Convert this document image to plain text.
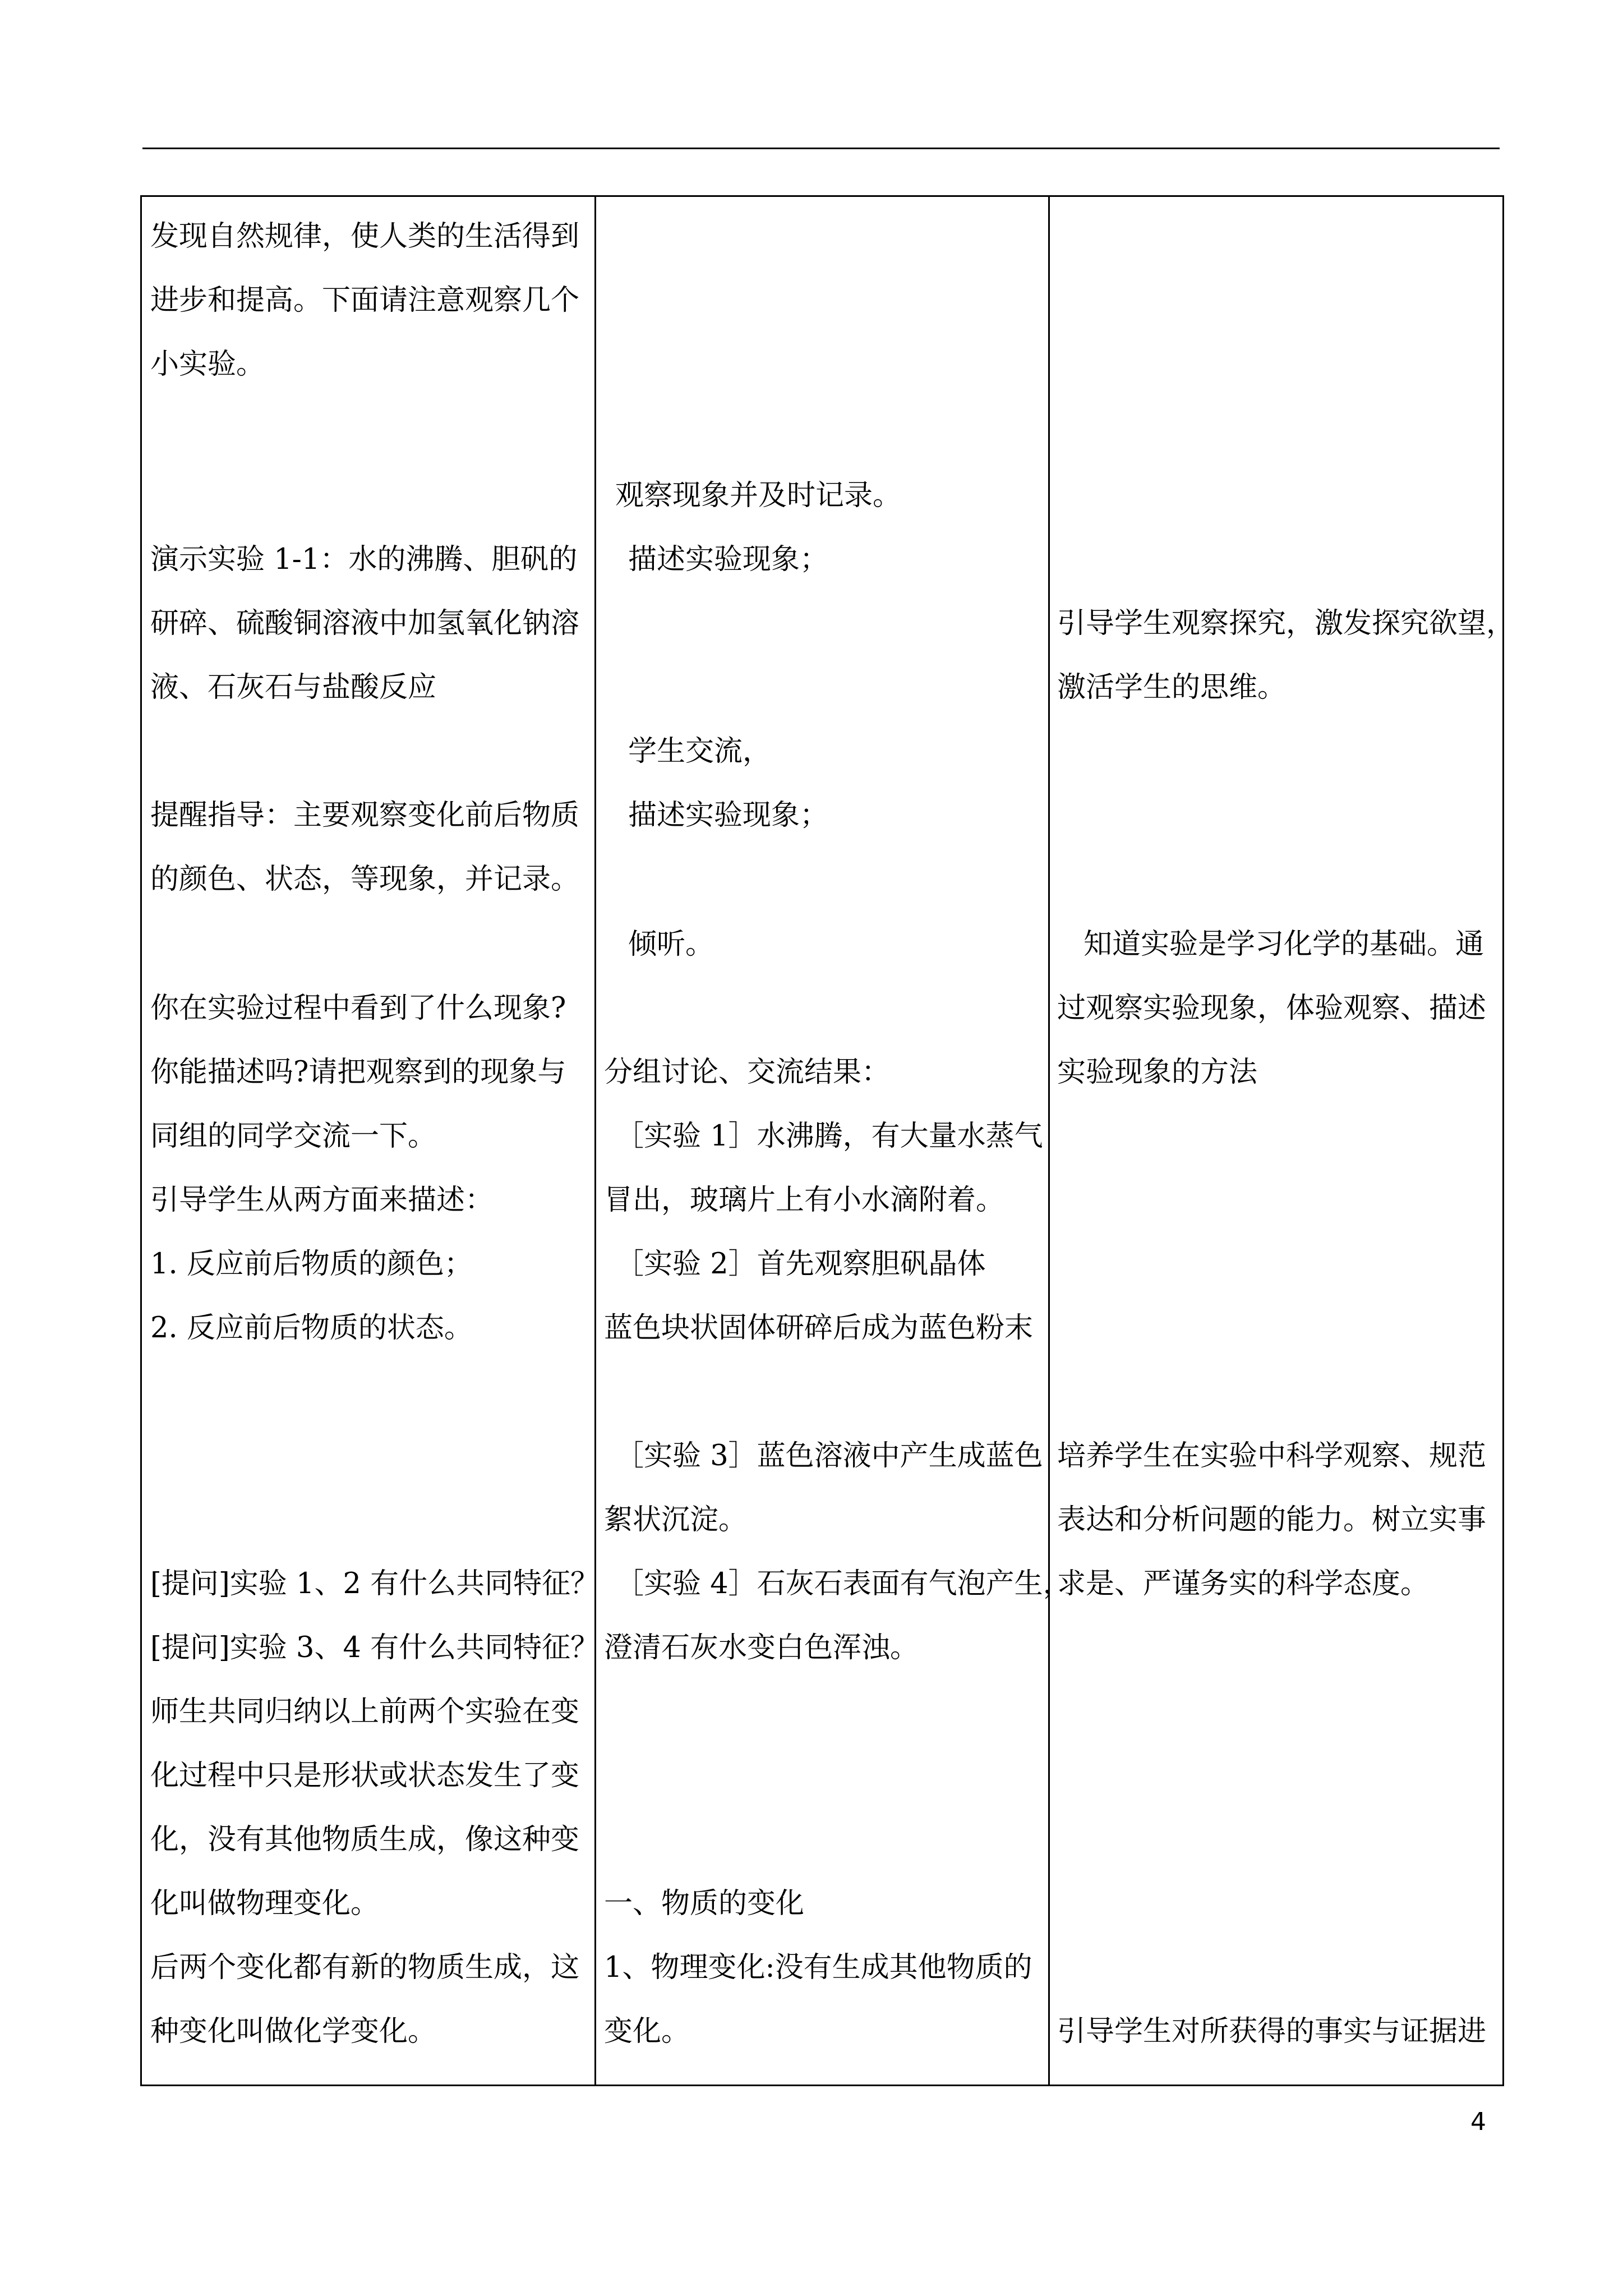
发现自然规律，使人类的生活得到
进步和提高。下面请注意观察几个
小实验。
演示实验 1-1：水的沸腾、胆矾的
研碎、硫酸铜溶液中加氢氧化钠溶
液、石灰石与盐酸反应
提醒指导：主要观察变化前后物质
的颜色、状态，等现象，并记录。
你在实验过程中看到了什么现象?
你能描述吗?请把观察到的现象与
同组的同学交流一下。
引导学生从两方面来描述：
1. 反应前后物质的颜色；
2. 反应前后物质的状态。
[提问]实验 1、2 有什么共同特征？
[提问]实验 3、4 有什么共同特征？
师生共同归纳以上前两个实验在变
化过程中只是形状或状态发生了变
化，没有其他物质生成，像这种变
化叫做物理变化。
后两个变化都有新的物质生成，这
种变化叫做化学变化。
观察现象并及时记录。
描述实验现象；
学生交流，
描述实验现象；
倾听。
分组讨论、交流结果：
［实验 1］水沸腾，有大量水蒸气
冒出，玻璃片上有小水滴附着。
［实验 2］首先观察胆矾晶体
蓝色块状固体研碎后成为蓝色粉末
［实验 3］蓝色溶液中产生成蓝色
絮状沉淀。
［实验 4］石灰石表面有气泡产生，
澄清石灰水变白色浑浊。
一、物质的变化
1、物理变化:没有生成其他物质的
变化。
引导学生观察探究，激发探究欲望，
激活学生的思维。
知道实验是学习化学的基础。通
过观察实验现象，体验观察、描述
实验现象的方法
培养学生在实验中科学观察、规范
表达和分析问题的能力。树立实事
求是、严谨务实的科学态度。
引导学生对所获得的事实与证据进
4
